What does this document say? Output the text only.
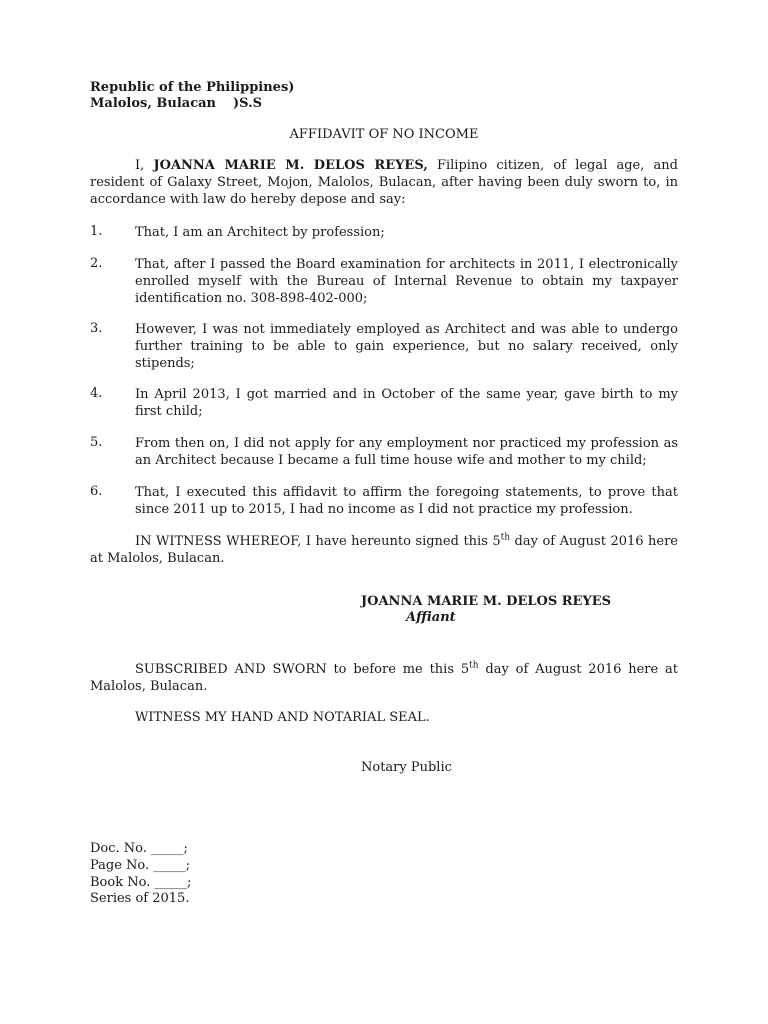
Republic of the Philippines)
Malolos, Bulacan )S.S
AFFIDAVIT OF NO INCOME
I, JOANNA MARIE M. DELOS REYES, Filipino citizen, of legal age, and resident of Galaxy Street, Mojon, Malolos, Bulacan, after having been duly sworn to, in accordance with law do hereby depose and say:
1.	That, I am an Architect by profession;
2.	That, after I passed the Board examination for architects in 2011, I electronically enrolled myself with the Bureau of Internal Revenue to obtain my taxpayer identification no. 308-898-402-000;
3.	However, I was not immediately employed as Architect and was able to undergo further training to be able to gain experience, but no salary received, only stipends;
4.	In April 2013, I got married and in October of the same year, gave birth to my first child;
5.	From then on, I did not apply for any employment nor practiced my profession as an Architect because I became a full time house wife and mother to my child;
6.	That, I executed this affidavit to affirm the foregoing statements, to prove that since 2011 up to 2015, I had no income as I did not practice my profession.
IN WITNESS WHEREOF, I have hereunto signed this 5th day of August 2016 here at Malolos, Bulacan.
JOANNA MARIE M. DELOS REYES
Affiant
SUBSCRIBED AND SWORN to before me this 5th day of August 2016 here at Malolos, Bulacan.
WITNESS MY HAND AND NOTARIAL SEAL.
Notary Public
Doc. No. _____;
Page No. _____;
Book No. _____;
Series of 2015.
